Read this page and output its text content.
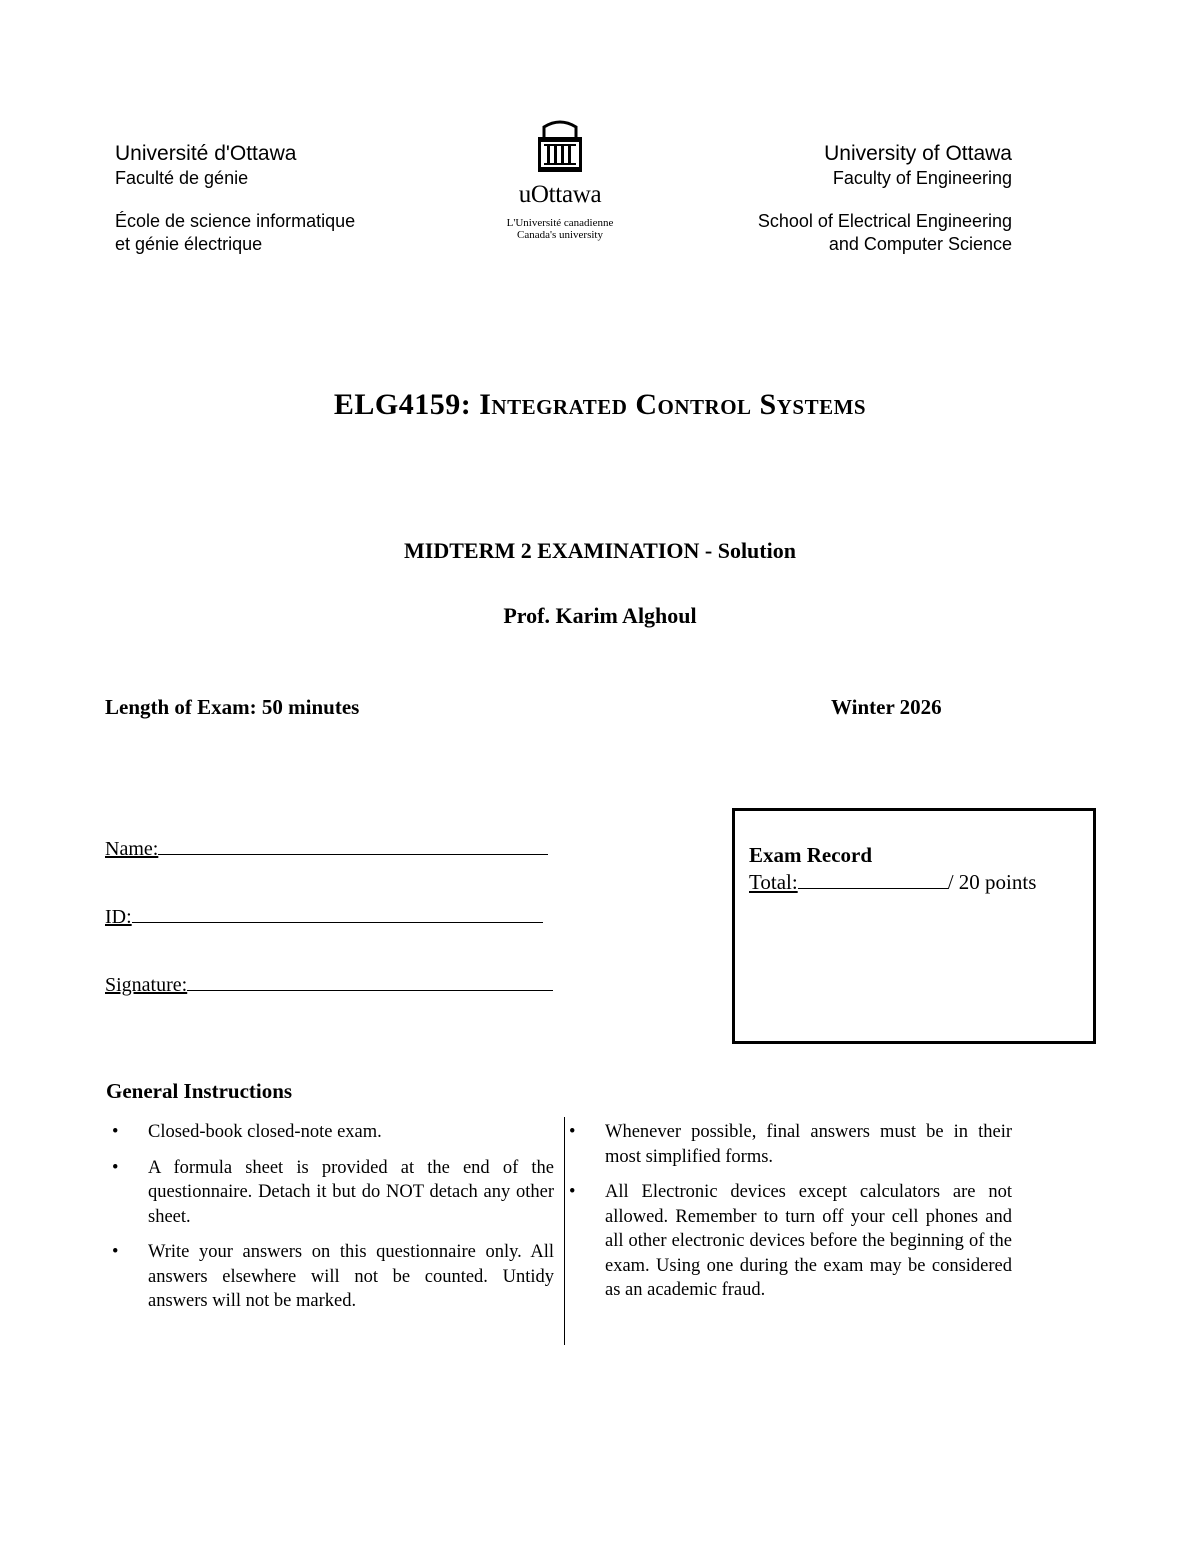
Université d'Ottawa
Faculté de génie
École de science informatique
et génie électrique
uOttawa
L'Université canadienne
Canada's university
University of Ottawa
Faculty of Engineering
School of Electrical Engineering
and Computer Science
ELG4159: Integrated Control Systems
MIDTERM 2 EXAMINATION - Solution
Prof. Karim Alghoul
Length of Exam: 50 minutes	Winter 2026
Name:
ID:
Signature:
Exam Record
Total:	/ 20 points
General Instructions
• Closed-book closed-note exam.
• A formula sheet is provided at the end of the questionnaire. Detach it but do NOT detach any other sheet.
• Write your answers on this questionnaire only. All answers elsewhere will not be counted. Untidy answers will not be marked.
• Whenever possible, final answers must be in their most simplified forms.
• All Electronic devices except calculators are not allowed. Remember to turn off your cell phones and all other electronic devices before the beginning of the exam. Using one during the exam may be considered as an academic fraud.
